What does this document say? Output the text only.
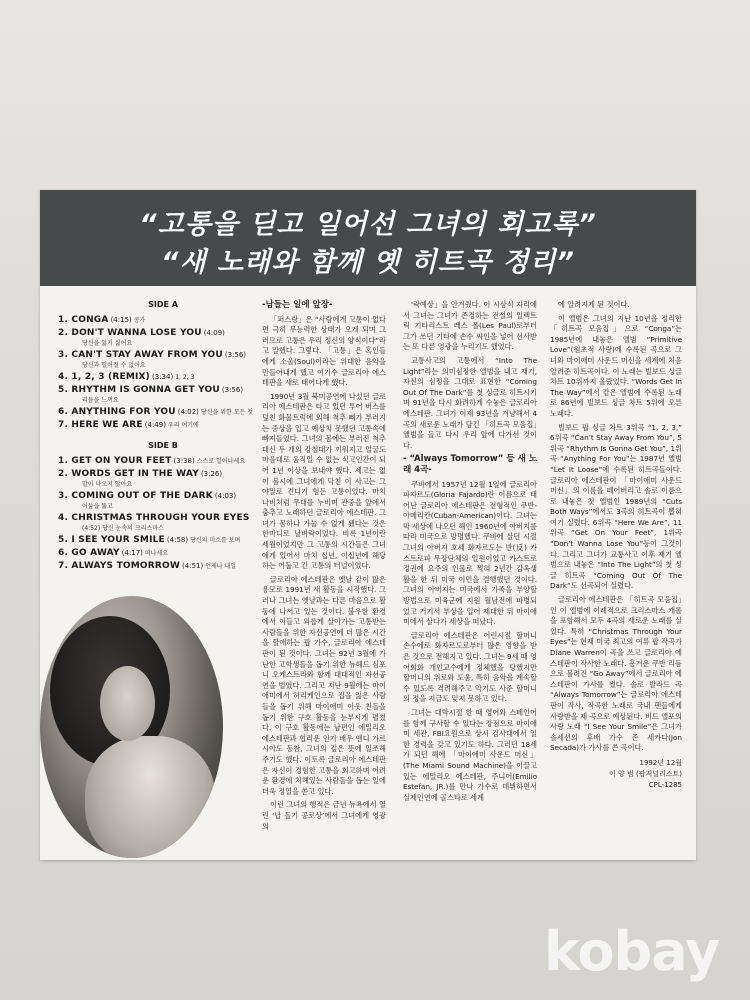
“고통을 딛고 일어선 그녀의 회고록”
“새 노래와 함께 옛 히트곡 정리”
SIDE A
1. CONGA (4:15) 콩가
2. DON'T WANNA LOSE YOU (4:09)
당신을 잃기 싫어요
3. CAN'T STAY AWAY FROM YOU (3:56)
당신과 떨어질 수 없어요
4. 1, 2, 3 (REMIX) (3:34) 1, 2, 3
5. RHYTHM IS GONNA GET YOU (3:56)
리듬을 느껴요
6. ANYTHING FOR YOU (4:02) 당신을 위한 모든 것
7. HERE WE ARE (4:49) 우리 여기에
SIDE B
1. GET ON YOUR FEET (3:38) 스스로 일어나세요
2. WORDS GET IN THE WAY (3:26)
말이 나오지 않아요
3. COMING OUT OF THE DARK (4:03)
어둠을 뚫고
4. CHRISTMAS THROUGH YOUR EYES
(4:52) 당신 눈속의 크리스마스
5. I SEE YOUR SMILE (4:58) 당신의 미소를 보며
6. GO AWAY (4:17) 떠나세요
7. ALWAYS TOMORROW (4:51) 언제나 내일

-남들는 일에 앞장-

「퍼스랑」은 “사람에게 고통이 없다면 극히 무능력한 상태가 오게 되며 그러므로 고통은 우리 정신의 양식이다”라고 말했다. 그렇다. 「고통」은 혹인들에게 소울(Soul)이라는 위대한 음악을 만들어내게 했고 여기수 글로리아 에스테판을 새로 태어나게 했다.

1990년 3월 북미공연에 나섰던 글로리아 에스테판은 타고 있던 투어 버스를 덮친 화물트럭에 의해 척추 뼈가 부러지는 중상을 입고 예상치 못했던 고통속에 빠져들었다. 그녀의 몸에는 부러진 척추대신 두 개의 강철대가 끼워지고 얼굴도 마음대로 움직일 수 없는 식고인간이 되어 1년 이상을 보내야 했다. 세고는 없이 불시에 그녀에게 닥친 이 사고는 그야말로 견디기 힘든 고통이었다. 마치 나비처럼 무대를 누비며 관중을 앞에서 춤추고 노래하던 글로리아 에스테판. 그녀가 몸하나 가눌 수 없게 됐다는 것은 한마디로 날벼락이었다. 비록 1년이란 세월이었지만 그 고통의 시간들은 그녀에게 있어서 마치 십년, 이십년에 해당하는 어둡고 긴 고통의 터널이었다.

글로리아 에스테판은 옛날 같이 많은 용모로 1991년 새 활동을 시작했다. 그러나 그녀는 옛날과는 다른 마음으로 활동에 나서고 있는 것이다. 불우한 환경에서 이들고 외롭게 살아가는 고통받는 사람들을 위한 자선공연에 더 많은 시간을 할애하는 팝 가수, 글로리아 에스테판이 된 것이다. 그녀는 92년 3월에 가난한 고학생들을 돕기 위한 뉴헤드 심포니 오케스트라와 함께 대대적인 자선공연을 벌였다. 그리고 지난 9월에는 마이애미에서 허리케인으로 집을 잃은 사람들을 돕기 위해 마이애미 이웃 친들을 돕기 위한 구호 활동을 눈부시게 펼쳤다. 이 구호 활동에는 남편인 에밀리오 에스테판과 협리운 인기 배우 앤디 가르시아도 동참, 그녀의 깊은 뜻에 일조해주기도 했다. 이토록 글로리아 에스테판은 자신이 경험한 고통을 회고하며 어려운 환경에 처해있는 사람들을 돕는 일에 더욱 정열을 쏟고 있다.

이런 그녀의 행적은 금년 뉴욕에서 열린 ‘납 들기 공로상’에서 그녀에게 영광의

'락예상」을 안겨줬다. 이 시상식 자리에서 그녀는 그녀가 존경하는 전설의 일렉트릭 기타리스트 레스 폴(Les Paul)로부터 그가 쓰던 기타에 손수 싸인을 넣어 선사받는 또 다른 영광을 누리기도 했었다.

교통사고의 고통에서 “Into The Light”라는 의미심장한 앨범을 내고 재기, 자신의 심정을 그대로 표현한 “Coming Out Of The Dark”를 첫 싱글로 히트시키며 91년을 다시 화려하게 수놓은 글로리아 에스테판. 그녀가 이제 93년을 겨냥해서 4곡의 새로운 노래가 담긴 「히트곡 모음집」앨범을 들고 다시 우리 앞에 다가선 것이다.

- “Always Tomorrow” 등 새 노래 4곡-

쿠바에서 1957년 12월 1일에 글로리아 파자르도(Gloria Fajardo)란 이름으로 태어난 글로리아 에스테판은 전형적인 쿠반-아메리칸(Cuban-American)이다. 그녀는 막 세상에 나오던 해인 1960년에 아버지를 따라 미국으로 망명했다. 쿠바에 살던 시절 그녀의 아버지 호세 화자르도는 반(反) 카스트로파 무장단체의 일원이었고 카스트로 정권에 요주의 인물로 찍혀 2년간 감옥생활을 한 뒤 미국 이민을 결행했던 것이다. 그녀의 아버지는 미국에서 가족을 부양할 방법으로 미육군에 지원 월남전에 파병되었고 거기서 부상을 입어 제대한 뒤 마이애미에서 살다가 세상을 떠났다.

글로리아 에스테판은 어린시절 할머니 손수에로 화자르도로부터 많은 영향을 받은 것으로 전해지고 있다. 그녀는 9세 때 영어회화 개인교수에게 정체했을 당했지만 할머니의 위로와 도움, 특히 음악을 계속할 수 있도록 격려해주고 악기도 사준 할머니의 정을 지금도 잊지 못하고 있다.

그녀는 대학시절 한 때 영어와 스페인어를 함께 구사할 수 있다는 장점으로 마이애미 세관, FBI요원으로 상시 검사대에서 일한 경력을 갖고 있기도 하다. 그러던 18세가 되던 해에 「마이애미 사운드 머신」(The Miami Sound Machine)을 이끌고 있는 에밀리오 에스테판, 주니어(Emilio Estefan, JR.)를 만나 가수로 데뷔하면서 실제인연에 골스타로 세계

에 알려지게 된 것이다.

이 앨범은 그녀의 지난 10년을 정리한 「히트곡 모음집」으로 “Conga”는 1985년에 내놓은 앨범 “Primitive Love”(원초적 사랑)에 수록된 곡으로 그녀와 마이애미 사운드 머신을 세계에 처음 알려준 히트곡이다. 이 노래는 빌보드 싱글 차트 10위까지 올랐었다. “Words Get In The Way”에서 같은 앨범에 수록된 노래로 86년에 빌보드 싱글 차트 5위에 오른 노래다.

빌보드 팝 싱글 차트 3위곡 “1, 2, 3,” 6위곡 “Can’t Stay Away From You”, 5위곡 “Rhythm Is Gonna Get You”, 1위곡 “Anything For You”는 1987년 앨범 “Let It Loose”에 수록된 히트곡들이다. 글로리아 에스테판이 「마이애미 사운드 머신」의 이름을 떼어버리고 솔로 이름으로 내놓은 첫 앨범인 1989년의 “Cuts Both Ways”에서도 3곡의 히트곡이 뽑혀 여기 실렸다. 6위곡 “Here We Are”, 11위곡 “Get On Your Feet”, 1위곡 “Don’t Wanna Lose You”등이 그것이다. 그리고 그녀가 교통사고 이후 재기 앨범으로 내놓은 “Into The Light”의 첫 싱글 히트곡 “Coming Out Of The Dark”도 선곡되어 실렸다.

글로리아 에스테판은 「히트곡 모음집」인 이 앨범에 이례적으로 크리스마스 캐롤을 포함해서 모두 4곡의 새로운 노래를 실었다. 특히 “Christmas Through Your Eyes”는 현재 미국 최고의 여류 팝 작곡가 Diane Warren이 곡을 쓰고 글로리아 에스테판이 작사한 노래다. 흥겨운 쿠반 리듬으로 불려진 “Go Away”에서 글로리아 에스테판이 가사를 썼다. 솔로 발라드 곡 “Always Tomorrow”는 글로리아 에스테판이 작사, 작곡한 노래로 국내 팬들에게 사랑받을 제 곡으로 예상된다. 비드 앨포의 사랑 노래 “I See Your Smile”은 그녀가 솔세션의 후배 가수 존 세카다(Jon Secada)가 가사를 쓴 곡이다.

1992년 12월
이 양 범 (팝저널리스트)
CPL-1285
kobay
